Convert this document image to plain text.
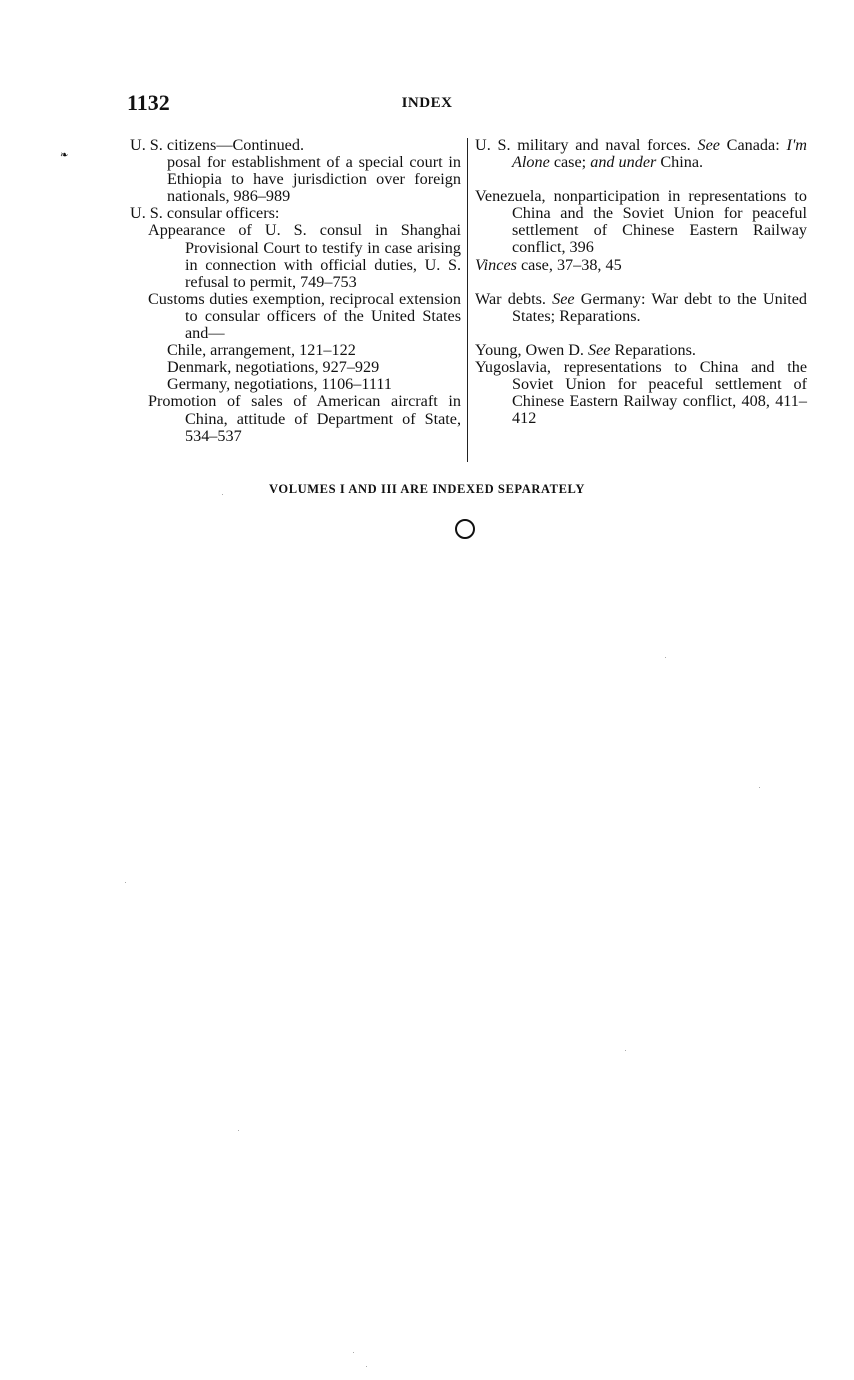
❧
1132	INDEX
U. S. citizens—Continued.
posal for establishment of a special court in Ethiopia to have jurisdiction over foreign nationals, 986–989
U. S. consular officers:
Appearance of U. S. consul in Shanghai Provisional Court to testify in case arising in connection with official duties, U. S. refusal to permit, 749–753
Customs duties exemption, reciprocal extension to consular officers of the United States and—
Chile, arrangement, 121–122
Denmark, negotiations, 927–929
Germany, negotiations, 1106–1111
Promotion of sales of American aircraft in China, attitude of Department of State, 534–537
U. S. military and naval forces. See Canada: I'm Alone case; and under China.
Venezuela, nonparticipation in representations to China and the Soviet Union for peaceful settlement of Chinese Eastern Railway conflict, 396
Vinces case, 37–38, 45
War debts. See Germany: War debt to the United States; Reparations.
Young, Owen D. See Reparations.
Yugoslavia, representations to China and the Soviet Union for peaceful settlement of Chinese Eastern Railway conflict, 408, 411–412
VOLUMES I AND III ARE INDEXED SEPARATELY
